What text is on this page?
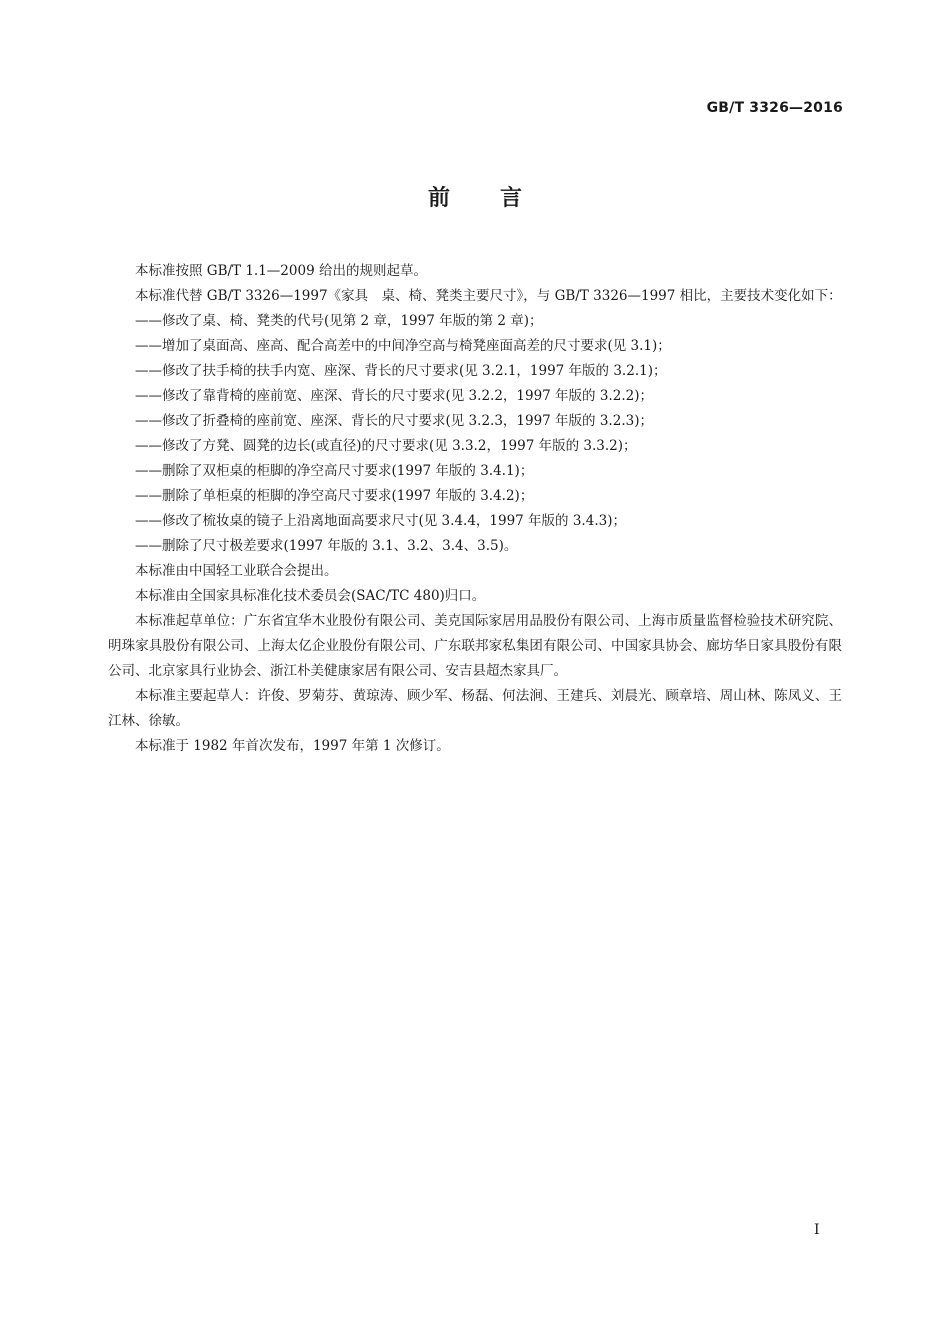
GB/T 3326—2016
前言

本标准按照 GB/T 1.1—2009 给出的规则起草。

本标准代替 GB/T 3326—1997《家具　桌、椅、凳类主要尺寸》，与 GB/T 3326—1997 相比，主要技术变化如下：

——修改了桌、椅、凳类的代号(见第 2 章，1997 年版的第 2 章)；

——增加了桌面高、座高、配合高差中的中间净空高与椅凳座面高差的尺寸要求(见 3.1)；

——修改了扶手椅的扶手内宽、座深、背长的尺寸要求(见 3.2.1，1997 年版的 3.2.1)；

——修改了靠背椅的座前宽、座深、背长的尺寸要求(见 3.2.2，1997 年版的 3.2.2)；

——修改了折叠椅的座前宽、座深、背长的尺寸要求(见 3.2.3，1997 年版的 3.2.3)；

——修改了方凳、圆凳的边长(或直径)的尺寸要求(见 3.3.2，1997 年版的 3.3.2)；

——删除了双柜桌的柜脚的净空高尺寸要求(1997 年版的 3.4.1)；

——删除了单柜桌的柜脚的净空高尺寸要求(1997 年版的 3.4.2)；

——修改了梳妆桌的镜子上沿离地面高要求尺寸(见 3.4.4，1997 年版的 3.4.3)；

——删除了尺寸极差要求(1997 年版的 3.1、3.2、3.4、3.5)。

本标准由中国轻工业联合会提出。

本标准由全国家具标准化技术委员会(SAC/TC 480)归口。

本标准起草单位：广东省宜华木业股份有限公司、美克国际家居用品股份有限公司、上海市质量监督检验技术研究院、明珠家具股份有限公司、上海太亿企业股份有限公司、广东联邦家私集团有限公司、中国家具协会、廊坊华日家具股份有限公司、北京家具行业协会、浙江朴美健康家居有限公司、安吉县超杰家具厂。

本标准主要起草人：许俊、罗菊芬、黄琼涛、顾少军、杨磊、何法涧、王建兵、刘晨光、顾章培、周山林、陈凤义、王江林、徐敏。

本标准于 1982 年首次发布，1997 年第 1 次修订。

I
